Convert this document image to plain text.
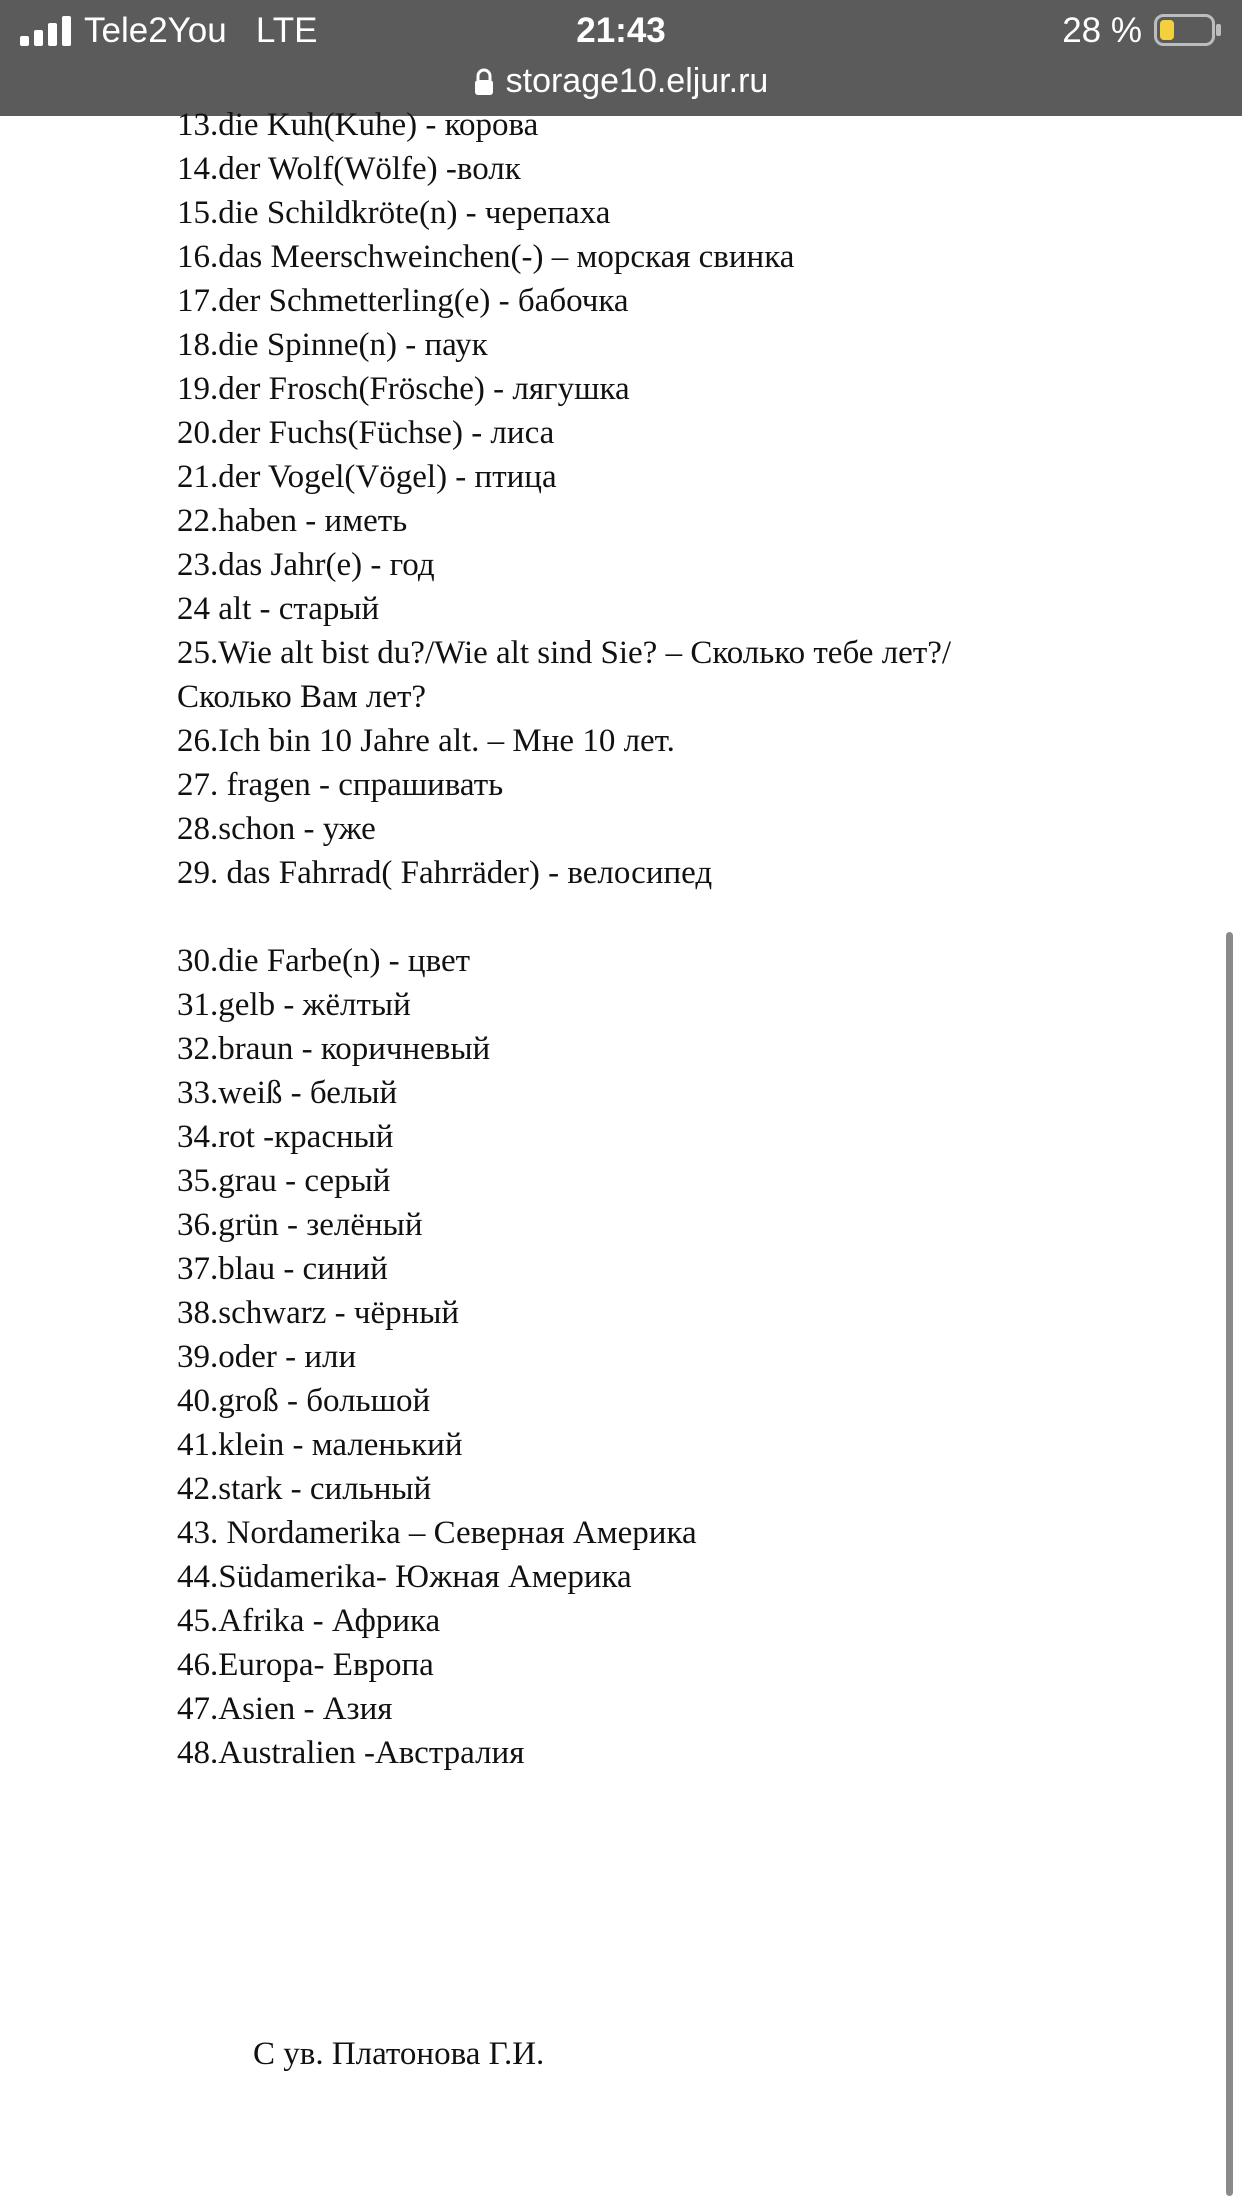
Tele2You   LTE	21:43	28 %
storage10.eljur.ru
13.die Kuh(Kuhe) - корова
14.der Wolf(Wölfe) -волк
15.die Schildkröte(n) - черепаха
16.das Meerschweinchen(-) – морская свинка
17.der Schmetterling(e) - бабочка
18.die Spinne(n) - паук
19.der Frosch(Frösche) - лягушка
20.der Fuchs(Füchse) - лиса
21.der Vogel(Vögel) - птица
22.haben - иметь
23.das Jahr(e) - год
24 alt - старый
25.Wie alt bist du?/Wie alt sind Sie? – Сколько тебе лет?/
Сколько Вам лет?
26.Ich bin 10 Jahre alt. – Мне 10 лет.
27. fragen - спрашивать
28.schon - уже
29. das Fahrrad( Fahrräder) - велосипед
30.die Farbe(n) - цвет
31.gelb - жёлтый
32.braun - коричневый
33.weiß - белый
34.rot -красный
35.grau - серый
36.grün - зелёный
37.blau - синий
38.schwarz - чёрный
39.oder - или
40.groß - большой
41.klein - маленький
42.stark - сильный
43. Nordamerika – Северная Америка
44.Südamerika- Южная Америка
45.Afrika - Африка
46.Europa- Европа
47.Asien - Азия
48.Australien -Австралия
С ув. Платонова Г.И.
